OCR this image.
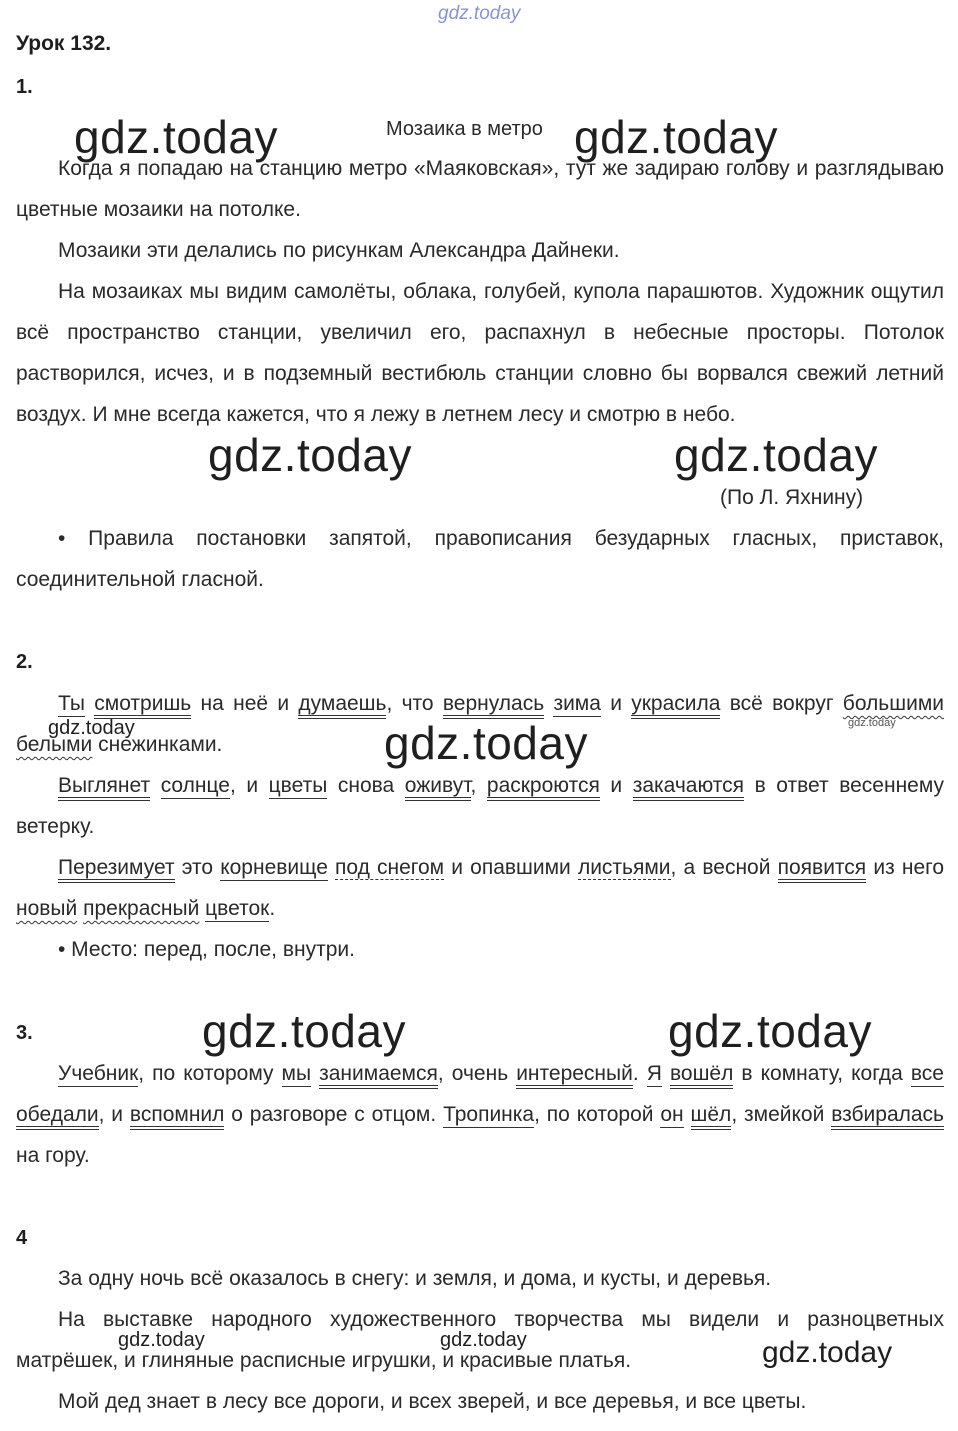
gdz.today
Урок 132.
1.
Мозаика в метро
gdz.today	gdz.today

Когда я попадаю на станцию метро «Маяковская», тут же задираю голову и разглядываю цветные мозаики на потолке.

Мозаики эти делались по рисункам Александра Дайнеки.

На мозаиках мы видим самолёты, облака, голубей, купола парашютов. Художник ощутил всё пространство станции, увеличил его, распахнул в небесные просторы. Потолок растворился, исчез, и в подземный вестибюль станции словно бы ворвался свежий летний воздух. И мне всегда кажется, что я лежу в летнем лесу и смотрю в небо.

gdz.today	gdz.today
(По Л. Яхнину)

• Правила постановки запятой, правописания безударных гласных, приставок, соединительной гласной.

2.

Ты смотришь на неё и думаешь, что вернулась зима и украсила всё вокруг большими белыми снежинками.

gdz.today	gdz.today
gdz.today

Выглянет солнце, и цветы снова оживут, раскроются и закачаются в ответ весеннему ветерку.

Перезимует это корневище под снегом и опавшими листьями, а весной появится из него новый прекрасный цветок.

• Место: перед, после, внутри.

3.	gdz.today	gdz.today

Учебник, по которому мы занимаемся, очень интересный. Я вошёл в комнату, когда все обедали, и вспомнил о разговоре с отцом. Тропинка, по которой он шёл, змейкой взбиралась на гору.

4

За одну ночь всё оказалось в снегу: и земля, и дома, и кусты, и деревья.

На выставке народного художественного творчества мы видели и разноцветных матрёшек, и глиняные расписные игрушки, и красивые платья.

gdz.today	gdz.today	gdz.today

Мой дед знает в лесу все дороги, и всех зверей, и все деревья, и все цветы.
